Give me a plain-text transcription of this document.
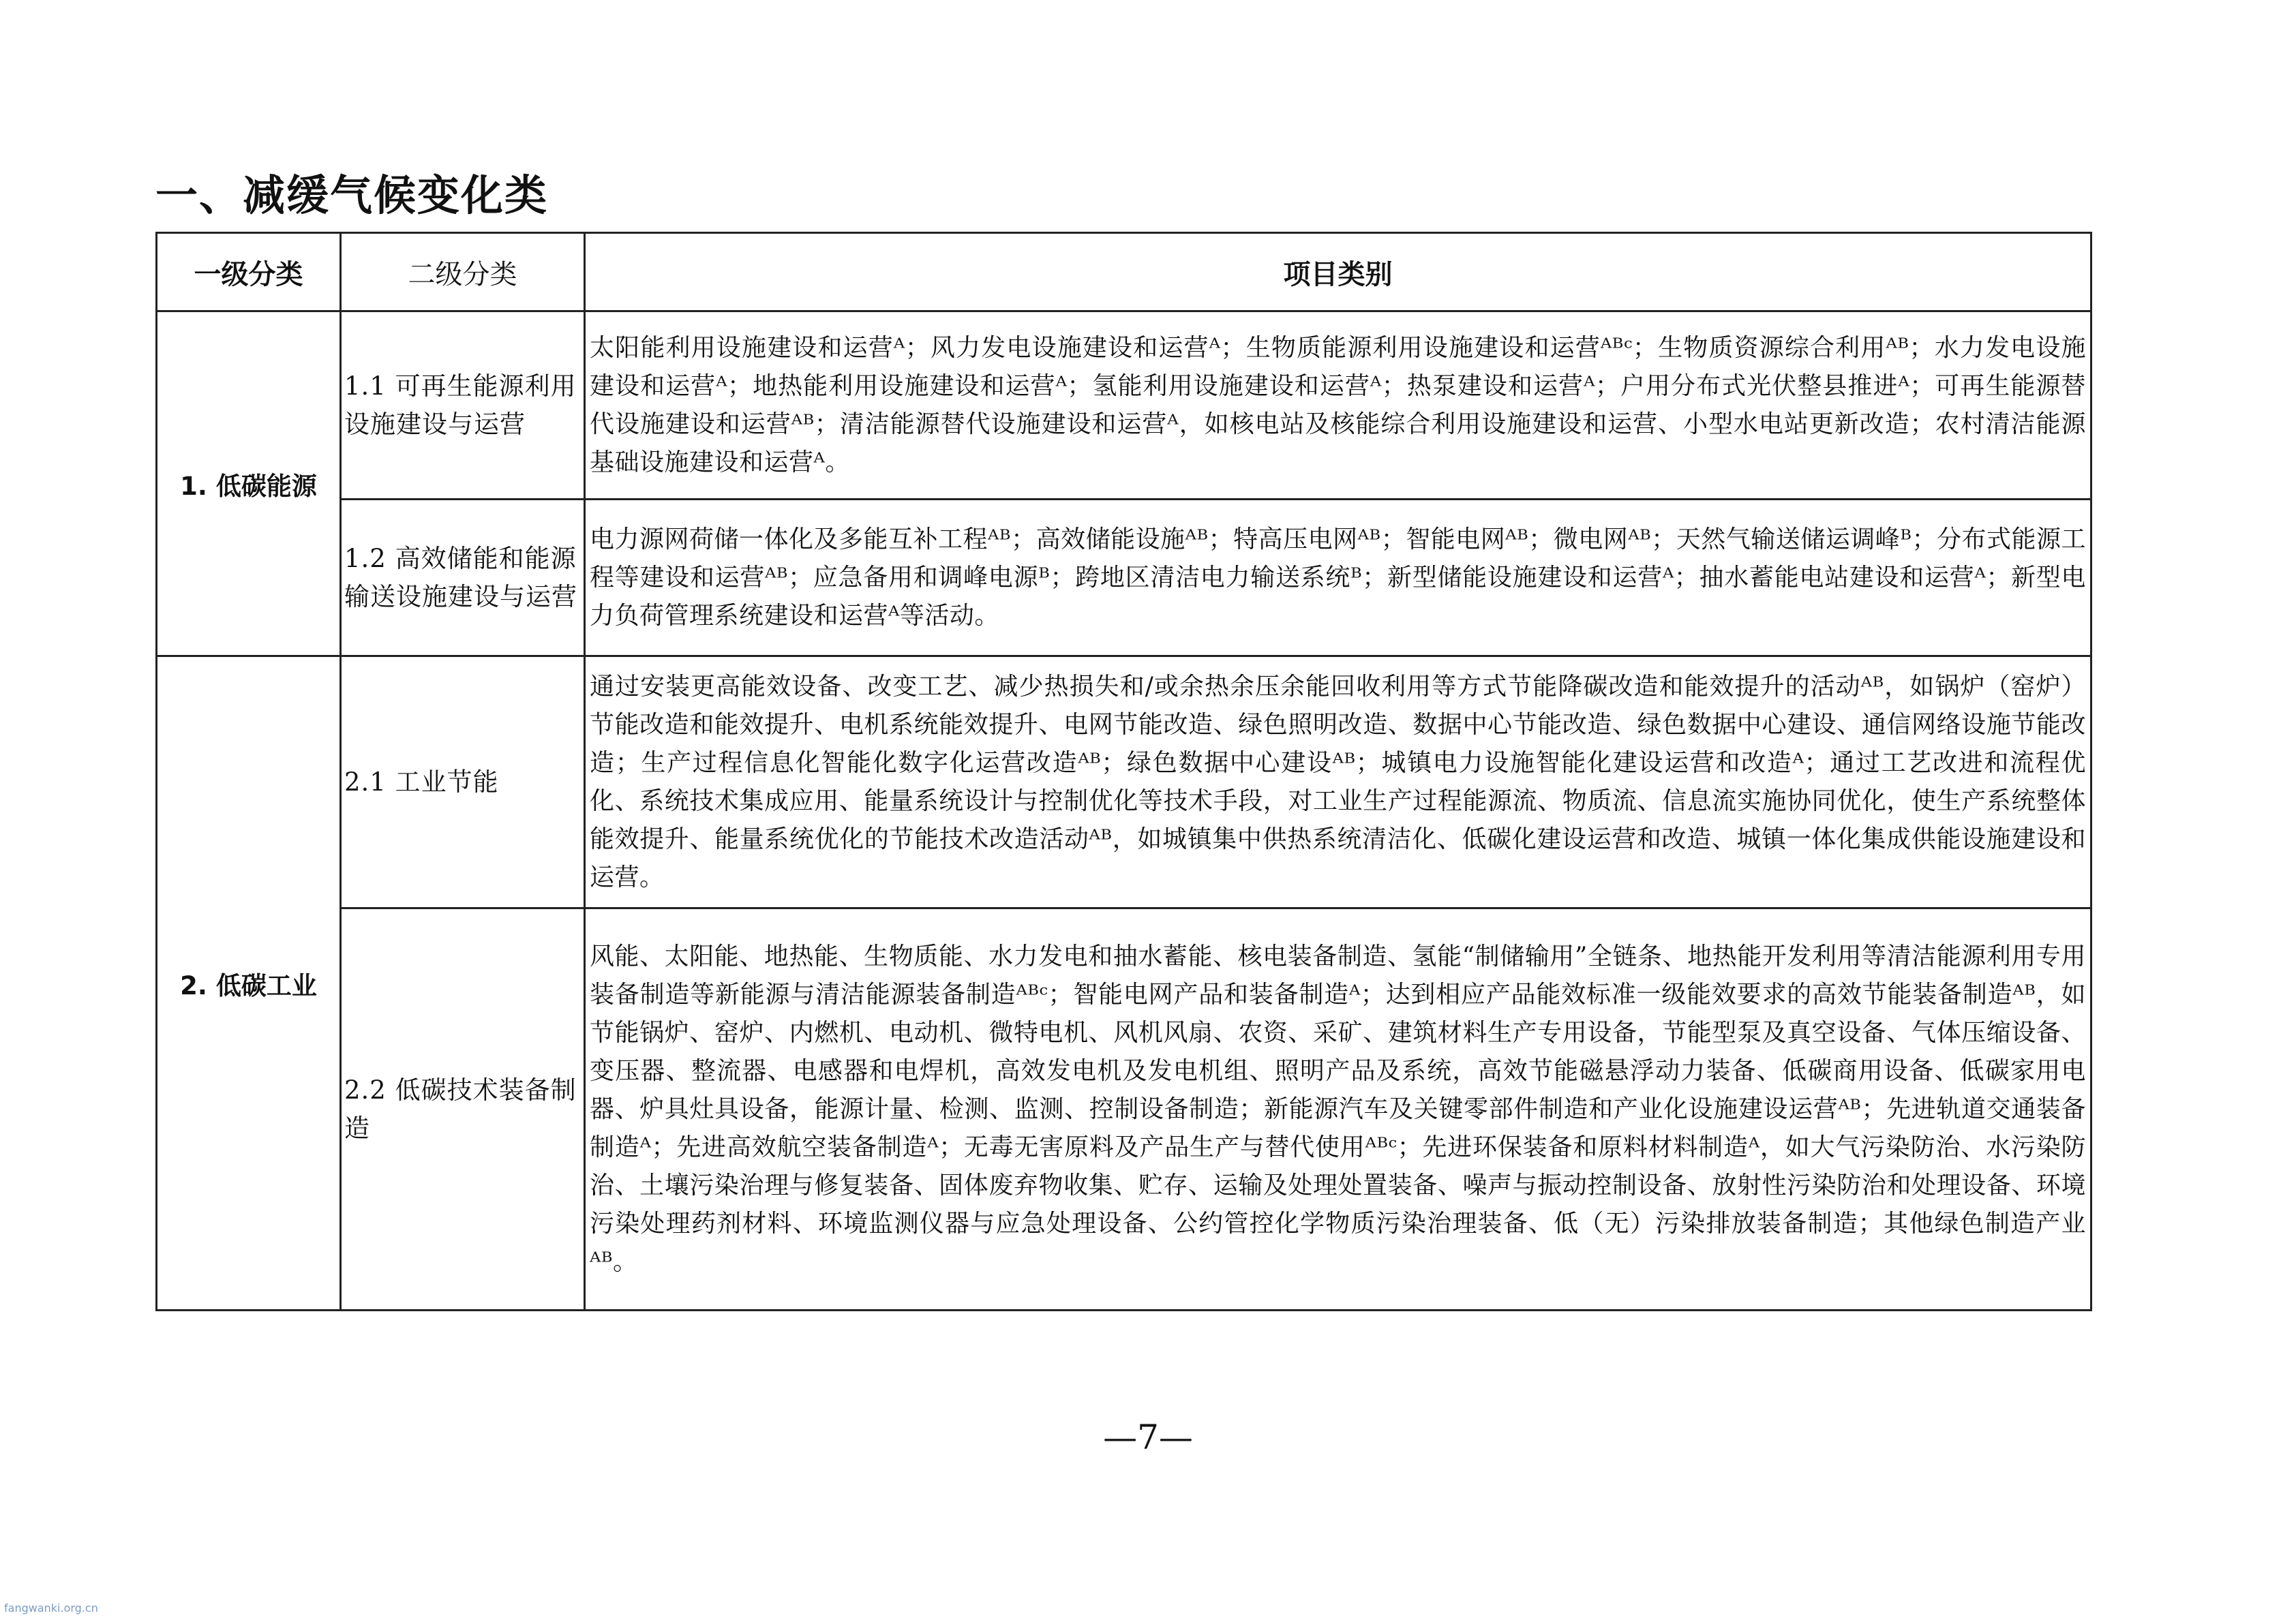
一、减缓气候变化类
一级分类	二级分类	项目类别
1. 低碳能源	1.1 可再生能源利用设施建设与运营	太阳能利用设施建设和运营ᴬ；风力发电设施建设和运营ᴬ；生物质能源利用设施建设和运营ᴬᴮᶜ；生物质资源综合利用ᴬᴮ；水力发电设施建设和运营ᴬ；地热能利用设施建设和运营ᴬ；氢能利用设施建设和运营ᴬ；热泵建设和运营ᴬ；户用分布式光伏整县推进ᴬ；可再生能源替代设施建设和运营ᴬᴮ；清洁能源替代设施建设和运营ᴬ，如核电站及核能综合利用设施建设和运营、小型水电站更新改造；农村清洁能源基础设施建设和运营ᴬ。
	1.2 高效储能和能源输送设施建设与运营	电力源网荷储一体化及多能互补工程ᴬᴮ；高效储能设施ᴬᴮ；特高压电网ᴬᴮ；智能电网ᴬᴮ；微电网ᴬᴮ；天然气输送储运调峰ᴮ；分布式能源工程等建设和运营ᴬᴮ；应急备用和调峰电源ᴮ；跨地区清洁电力输送系统ᴮ；新型储能设施建设和运营ᴬ；抽水蓄能电站建设和运营ᴬ；新型电力负荷管理系统建设和运营ᴬ等活动。
2. 低碳工业	2.1 工业节能	通过安装更高能效设备、改变工艺、减少热损失和/或余热余压余能回收利用等方式节能降碳改造和能效提升的活动ᴬᴮ，如锅炉（窑炉）节能改造和能效提升、电机系统能效提升、电网节能改造、绿色照明改造、数据中心节能改造、绿色数据中心建设、通信网络设施节能改造；生产过程信息化智能化数字化运营改造ᴬᴮ；绿色数据中心建设ᴬᴮ；城镇电力设施智能化建设运营和改造ᴬ；通过工艺改进和流程优化、系统技术集成应用、能量系统设计与控制优化等技术手段，对工业生产过程能源流、物质流、信息流实施协同优化，使生产系统整体能效提升、能量系统优化的节能技术改造活动ᴬᴮ，如城镇集中供热系统清洁化、低碳化建设运营和改造、城镇一体化集成供能设施建设和运营。
	2.2 低碳技术装备制造	风能、太阳能、地热能、生物质能、水力发电和抽水蓄能、核电装备制造、氢能“制储输用”全链条、地热能开发利用等清洁能源利用专用装备制造等新能源与清洁能源装备制造ᴬᴮᶜ；智能电网产品和装备制造ᴬ；达到相应产品能效标准一级能效要求的高效节能装备制造ᴬᴮ，如节能锅炉、窑炉、内燃机、电动机、微特电机、风机风扇、农资、采矿、建筑材料生产专用设备，节能型泵及真空设备、气体压缩设备、变压器、整流器、电感器和电焊机，高效发电机及发电机组、照明产品及系统，高效节能磁悬浮动力装备、低碳商用设备、低碳家用电器、炉具灶具设备，能源计量、检测、监测、控制设备制造；新能源汽车及关键零部件制造和产业化设施建设运营ᴬᴮ；先进轨道交通装备制造ᴬ；先进高效航空装备制造ᴬ；无毒无害原料及产品生产与替代使用ᴬᴮᶜ；先进环保装备和原料材料制造ᴬ，如大气污染防治、水污染防治、土壤污染治理与修复装备、固体废弃物收集、贮存、运输及处理处置装备、噪声与振动控制设备、放射性污染防治和处理设备、环境污染处理药剂材料、环境监测仪器与应急处理设备、公约管控化学物质污染治理装备、低（无）污染排放装备制造；其他绿色制造产业ᴬᴮ。
—7—
fangwanki.org.cn
